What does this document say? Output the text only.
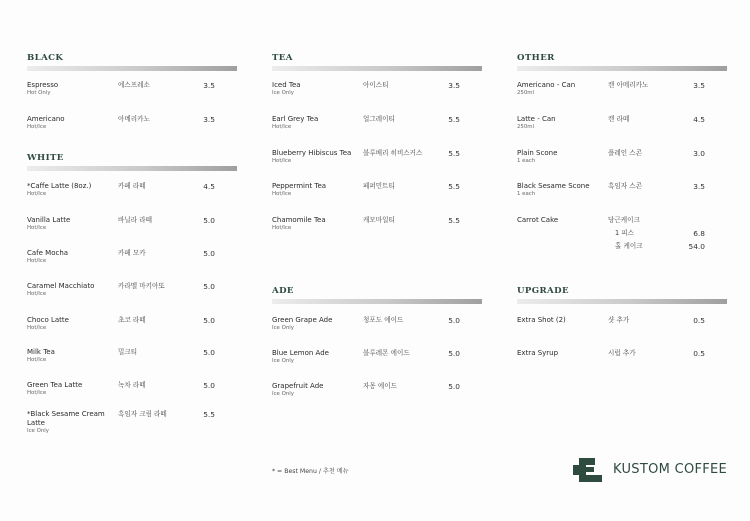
BLACK
Espresso
Hot Only
에스프레소	3.5
Americano
Hot/Ice
아메리카노	3.5
WHITE
*Caffe Latte (8oz.)
Hot/Ice
카페 라떼	4.5
Vanilla Latte
Hot/Ice
바닐라 라떼	5.0
Cafe Mocha
Hot/Ice
카페 모카	5.0
Caramel Macchiato
Hot/Ice
카라멜 마키아또	5.0
Choco Latte
Hot/Ice
초코 라떼	5.0
Milk Tea
Hot/Ice
밀크티	5.0
Green Tea Latte
Hot/Ice
녹차 라떼	5.0
*Black Sesame Cream Latte
Ice Only
흑임자 크림 라떼	5.5
TEA
Iced Tea
Ice Only
아이스티	3.5
Earl Grey Tea
Hot/Ice
얼그레이티	5.5
Blueberry Hibiscus Tea
Hot/Ice
블루베리 히비스커스	5.5
Peppermint Tea
Hot/Ice
페퍼민트티	5.5
Chamomile Tea
Hot/Ice
캐모마일티	5.5
ADE
Green Grape Ade
Ice Only
청포도 에이드	5.0
Blue Lemon Ade
Ice Only
블루레몬 에이드	5.0
Grapefruit Ade
Ice Only
자몽 에이드	5.0
OTHER
Americano - Can
250ml
캔 아메리카노	3.5
Latte - Can
250ml
캔 라떼	4.5
Plain Scone
1 each
플레인 스콘	3.0
Black Sesame Scone
1 each
흑임자 스콘	3.5
Carrot Cake	당근케이크
1 피스	6.8
홀 케이크	54.0
UPGRADE
Extra Shot (2)	샷 추가	0.5
Extra Syrup	시럽 추가	0.5
* = Best Menu / 추천 메뉴	KUSTOM COFFEE
